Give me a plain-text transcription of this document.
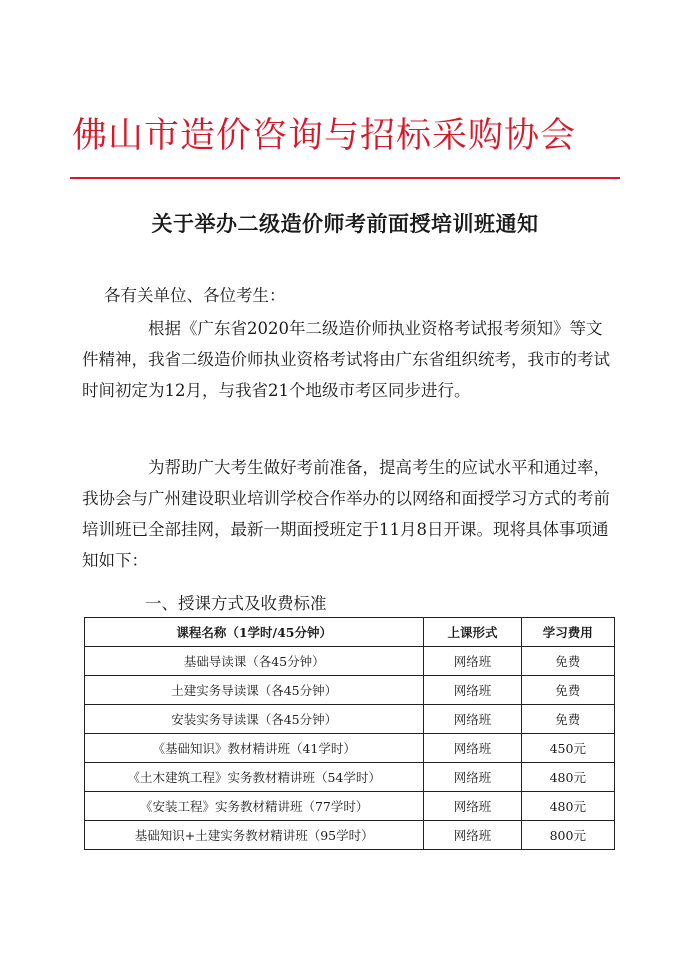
佛山市造价咨询与招标采购协会
关于举办二级造价师考前面授培训班通知
各有关单位、各位考生：

根据《广东省2020年二级造价师执业资格考试报考须知》等文件精神，我省二级造价师执业资格考试将由广东省组织统考，我市的考试时间初定为12月，与我省21个地级市考区同步进行。

为帮助广大考生做好考前准备，提高考生的应试水平和通过率，我协会与广州建设职业培训学校合作举办的以网络和面授学习方式的考前培训班已全部挂网，最新一期面授班定于11月8日开课。现将具体事项通知如下：

一、授课方式及收费标准
课程名称（1学时/45分钟）	上课形式	学习费用
基础导读课（各45分钟）	网络班	免费
土建实务导读课（各45分钟）	网络班	免费
安装实务导读课（各45分钟）	网络班	免费
《基础知识》教材精讲班（41学时）	网络班	450元
《土木建筑工程》实务教材精讲班（54学时）	网络班	480元
《安装工程》实务教材精讲班（77学时）	网络班	480元
基础知识+土建实务教材精讲班（95学时）	网络班	800元
